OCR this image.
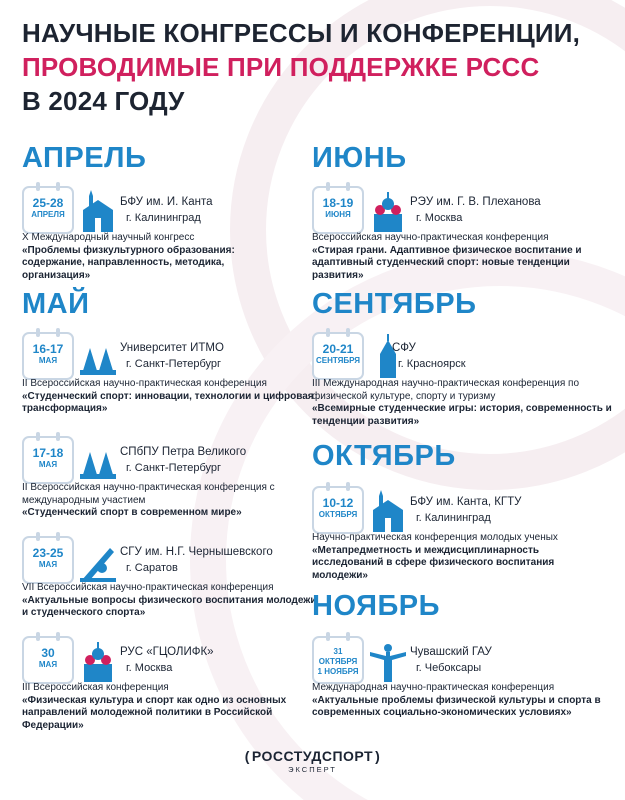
НАУЧНЫЕ КОНГРЕССЫ И КОНФЕРЕНЦИИ,
ПРОВОДИМЫЕ ПРИ ПОДДЕРЖКЕ РССС
В 2024 ГОДУ
АПРЕЛЬ
25-28
АПРЕЛЯ
БФУ им. И. Канта
г. Калининград
X Международный научный конгресс
«Проблемы физкультурного образования: содержание, направленность, методика, организация»
МАЙ
16-17
МАЯ
Университет ИТМО
г. Санкт-Петербург
II Всероссийская научно-практическая конференция
«Студенческий спорт: инновации, технологии и цифровая трансформация»
17-18
МАЯ
СПбПУ Петра Великого
г. Санкт-Петербург
II Всероссийская научно-практическая конференция с международным участием
«Студенческий спорт в современном мире»
23-25
МАЯ
СГУ им. Н.Г. Чернышевского
г. Саратов
VII Всероссийская научно-практическая конференция
«Актуальные вопросы физического воспитания молодежи и студенческого спорта»
30
МАЯ
РУС «ГЦОЛИФК»
г. Москва
III Всероссийская конференция
«Физическая культура и спорт как одно из основных направлений молодежной политики в Российской Федерации»
ИЮНЬ
18-19
ИЮНЯ
РЭУ им. Г. В. Плеханова
г. Москва
Всероссийская научно-практическая конференция
«Стирая грани. Адаптивное физическое воспитание и адаптивный студенческий спорт: новые тенденции развития»
СЕНТЯБРЬ
20-21
СЕНТЯБРЯ
СФУ
г. Красноярск
III Международная научно-практическая конференция по физической культуре, спорту и туризму
«Всемирные студенческие игры: история, современность и тенденции развития»
ОКТЯБРЬ
10-12
ОКТЯБРЯ
БФУ им. Канта, КГТУ
г. Калининград
Научно-практическая конференция молодых ученых
«Метапредметность и междисциплинарность исследований в сфере физического воспитания молодежи»
НОЯБРЬ
31 ОКТЯБРЯ
1 НОЯБРЯ
Чувашский ГАУ
г. Чебоксары
Международная научно-практическая конференция
«Актуальные проблемы физической культуры и спорта в современных социально-экономических условиях»
( РОССТУДСПОРТ )
ЭКСПЕРТ
